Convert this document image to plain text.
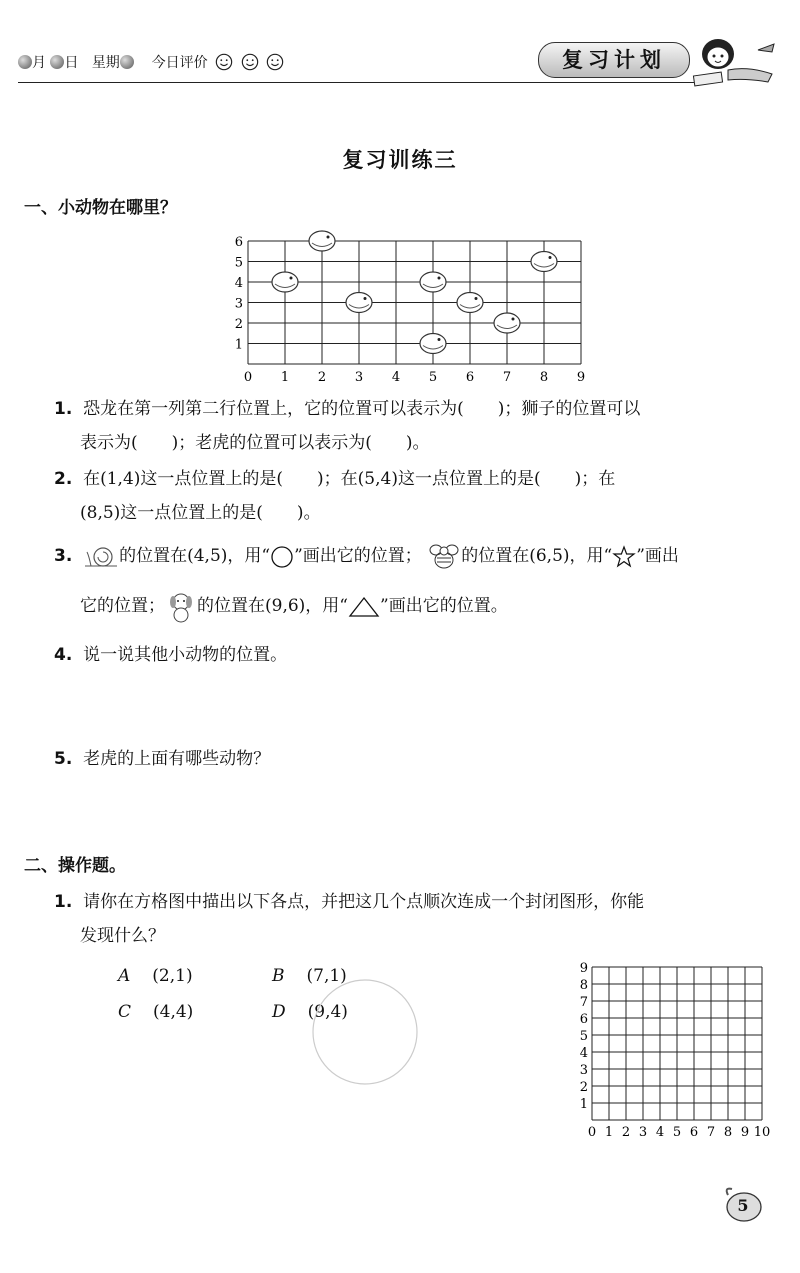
月 日 星期 今日评价	复习计划
复习训练三
一、小动物在哪里？
0 1 2 3 4 5 6 7 8 9
1
2
3
4
5
6
1. 恐龙在第一列第二行位置上，它的位置可以表示为(　　)；狮子的位置可以
表示为(　　)；老虎的位置可以表示为(　　)。
2. 在(1,4)这一点位置上的是(　　)；在(5,4)这一点位置上的是(　　)；在
(8,5)这一点位置上的是(　　)。
3.	的位置在(4,5)，用“ ”画出它的位置； 的位置在(6,5)，用“ ”画出
它的位置； 的位置在(9,6)，用“ ”画出它的位置。
4. 说一说其他小动物的位置。
5. 老虎的上面有哪些动物？
二、操作题。
1. 请你在方格图中描出以下各点，并把这几个点顺次连成一个封闭图形，你能
发现什么？
A (2,1)	B (7,1)
C (4,4)	D (9,4)
0 1 2 3 4 5 6 7 8 9 10
1
2
3
4
5
6
7
8
9
5
